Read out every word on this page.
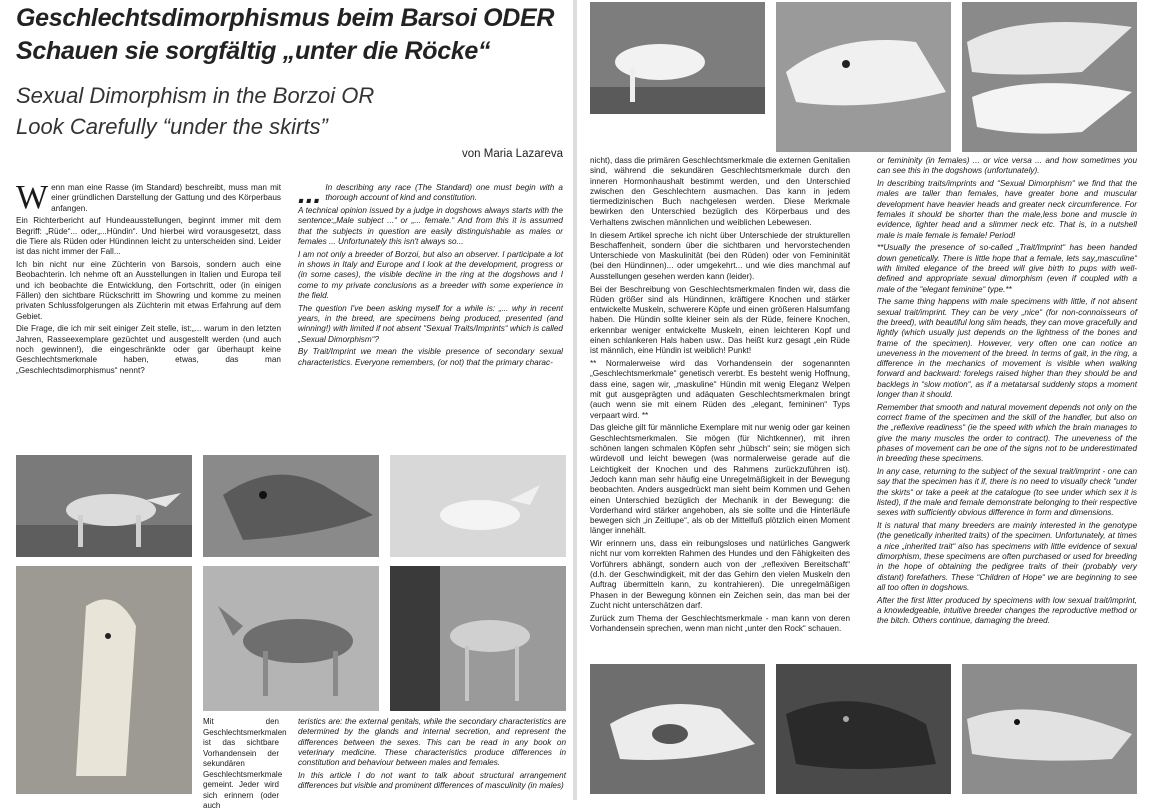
Geschlechtsdimorphismus beim Barsoi ODER
Schauen sie sorgfältig „unter die Röcke“
Sexual Dimorphism in the Borzoi OR
Look Carefully “under the skirts”
von Maria Lazareva

Wenn man eine Rasse (im Standard) beschreibt, muss man mit einer gründlichen Darstellung der Gattung und des Körperbaus anfangen.

Ein Richterbericht auf Hundeausstellungen, beginnt immer mit dem Begriff: „Rüde“... oder„...Hündin“. Und hierbei wird vorausgesetzt, dass die Tiere als Rüden oder Hündinnen leicht zu unterscheiden sind. Leider ist das nicht immer der Fall...

Ich bin nicht nur eine Züchterin von Barsois, sondern auch eine Beobachterin. Ich nehme oft an Ausstellungen in Italien und Europa teil und ich beobachte die Entwicklung, den Fortschritt, oder (in einigen Fällen) den sichtbare Rückschritt im Showring und komme zu meinen privaten Schlussfolgerungen als Züchterin mit etwas Erfahrung auf dem Gebiet.

Die Frage, die ich mir seit einiger Zeit stelle, ist:„... warum in den letzten Jahren, Rasseexemplare gezüchtet und ausgestellt werden (und auch noch gewinnen!), die eingeschränkte oder gar überhaupt keine Geschlechtsmerkmale haben, etwas, das man „Geschlechtsdimorphismus“ nennt?

... In describing any race (The Standard) one must begin with a thorough account of kind and constitution.

A technical opinion issued by a judge in dogshows always starts with the sentence:„Male subject ...“ or „... female.“ And from this it is assumed that the subjects in question are easily distinguishable as males or females ... Unfortunately this isn't always so...

I am not only a breeder of Borzoi, but also an observer. I participate a lot in shows in Italy and Europe and I look at the development, progress or (in some cases), the visible decline in the ring at the dogshows and I come to my private conclusions as a breeder with some experience in the field.

The question I've been asking myself for a while is: „... why in recent years, in the breed, are specimens being produced, presented (and winning!) with limited if not absent “Sexual Traits/Imprints“ which is called „Sexual Dimorphism“?

By Trait/Imprint we mean the visible presence of secondary sexual characteristics. Everyone remembers, (or not) that the primary charac-

Mit den Geschlechtsmerkmalen ist das sichtbare Vorhandensein der sekundären Geschlechtsmerkmale gemeint. Jeder wird sich erinnern (oder auch

teristics are: the external genitals, while the secondary characteristics are determined by the glands and internal secretion, and represent the differences between the sexes. This can be read in any book on veterinary medicine. These characteristics produce differences in constitution and behaviour between males and females.

In this article I do not want to talk about structural arrangement differences but visible and prominent differences of masculinity (in males)

nicht), dass die primären Geschlechtsmerkmale die externen Genitalien sind, während die sekundären Geschlechtsmerkmale durch den inneren Hormonhaushalt bestimmt werden, und den Unterschied zwischen den Geschlechtern ausmachen. Das kann in jedem tiermedizinischen Buch nachgelesen werden. Diese Merkmale bewirken den Unterschied bezüglich des Körperbaus und des Verhaltens zwischen männlichen und weiblichen Lebewesen.

In diesem Artikel spreche ich nicht über Unterschiede der strukturellen Beschaffenheit, sondern über die sichtbaren und hervorstechenden Unterschiede von Maskulinität (bei den Rüden) oder von Femininität (bei den Hündinnen)... oder umgekehrt... und wie dies manchmal auf Ausstellungen gesehen werden kann (leider).

Bei der Beschreibung von Geschlechtsmerkmalen finden wir, dass die Rüden größer sind als Hündinnen, kräftigere Knochen und stärker entwickelte Muskeln, schwerere Köpfe und einen größeren Halsumfang haben. Die Hündin sollte kleiner sein als der Rüde, feinere Knochen, erkennbar weniger entwickelte Muskeln, einen leichteren Kopf und einen schlankeren Hals haben usw.. Das heißt kurz gesagt „ein Rüde ist männlich, eine Hündin ist weiblich! Punkt!

** Normalerweise wird das Vorhandensein der sogenannten „Geschlechtsmerkmale“ genetisch vererbt. Es besteht wenig Hoffnung, dass eine, sagen wir, „maskuline“ Hündin mit wenig Eleganz Welpen mit gut ausgeprägten und adäquaten Geschlechtsmerkmalen bringt (auch wenn sie mit einem Rüden des „elegant, femininen“ Typs verpaart wird. **

Das gleiche gilt für männliche Exemplare mit nur wenig oder gar keinen Geschlechtsmerkmalen. Sie mögen (für Nichtkenner), mit ihren schönen langen schmalen Köpfen sehr „hübsch“ sein; sie mögen sich würdevoll und leicht bewegen (was normalerweise gerade auf die Leichtigkeit der Knochen und des Rahmens zurückzuführen ist). Jedoch kann man sehr häufig eine Unregelmäßigkeit in der Bewegung beobachten. Anders ausgedrückt man sieht beim Kommen und Gehen einen Unterschied bezüglich der Mechanik in der Bewegung: die Vorderhand wird stärker angehoben, als sie sollte und die Hinterläufe bewegen sich „in Zeitlupe“, als ob der Mittelfuß plötzlich einen Moment länger innehält.

Wir erinnern uns, dass ein reibungsloses und natürliches Gangwerk nicht nur vom korrekten Rahmen des Hundes und den Fähigkeiten des Vorführers abhängt, sondern auch von der „reflexiven Bereitschaft“ (d.h. der Geschwindigkeit, mit der das Gehirn den vielen Muskeln den Auftrag übermitteln kann, zu kontrahieren). Die unregelmäßigen Phasen in der Bewegung können ein Zeichen sein, das man bei der Zucht nicht unterschätzen darf.

Zurück zum Thema der Geschlechtsmerkmale - man kann von deren Vorhandensein sprechen, wenn man nicht „unter den Rock“ schauen.

or femininity (in females) ... or vice versa ... and how sometimes you can see this in the dogshows (unfortunately).

In describing traits/imprints and “Sexual Dimorphism“ we find that the males are taller than females, have greater bone and muscular development have heavier heads and greater neck circumference. For females it should be shorter than the male,less bone and muscle in evidence, lighter head and a slimmer neck etc. That is, in a nutshell male is male female is female! Period!

**Usually the presence of so-called „Trait/Imprint“ has been handed down genetically. There is little hope that a female, lets say„masculine“ with limited elegance of the breed will give birth to pups with well-defined and appropriate sexual dimorphism (even if coupled with a male of the “elegant feminine“ type.**

The same thing happens with male specimens with little, if not absent sexual trait/imprint. They can be very „nice“ (for non-connoisseurs of the breed), with beautiful long slim heads, they can move gracefully and lightly (which usually just depends on the lightness of the bones and frame of the specimen). However, very often one can notice an uneveness in the movement of the breed. In terms of gait, in the ring, a difference in the mechanics of movement is visible when walking forward and backward: forelegs raised higher than they should be and backlegs in “slow motion“, as if a metatarsal suddenly stops a moment longer than it should.

Remember that smooth and natural movement depends not only on the correct frame of the specimen and the skill of the handler, but also on the „reflexive readiness“ (ie the speed with which the brain manages to give the many muscles the order to contract). The uneveness of the phases of movement can be one of the signs not to be underestimated in breeding these specimens.

In any case, returning to the subject of the sexual trait/imprint - one can say that the specimen has it if, there is no need to visually check “under the skirts“ or take a peek at the catalogue (to see under which sex it is listed), if the male and female demonstrate belonging to their respective sexes with sufficiently obvious difference in form and dimensions.

It is natural that many breeders are mainly interested in the genotype (the genetically inherited traits) of the specimen. Unfortunately, at times a nice „inherited trait“ also has specimens with little evidence of sexual dimorphism, these specimens are often purchased or used for breeding in the hope of obtaining the pedigree traits of their (probably very distant) forefathers. These “Children of Hope“ we are beginning to see all too often in dogshows.

After the first litter produced by specimens with low sexual trait/imprint, a knowledgeable, intuitive breeder changes the reproductive method or the bitch. Others continue, damaging the breed.
